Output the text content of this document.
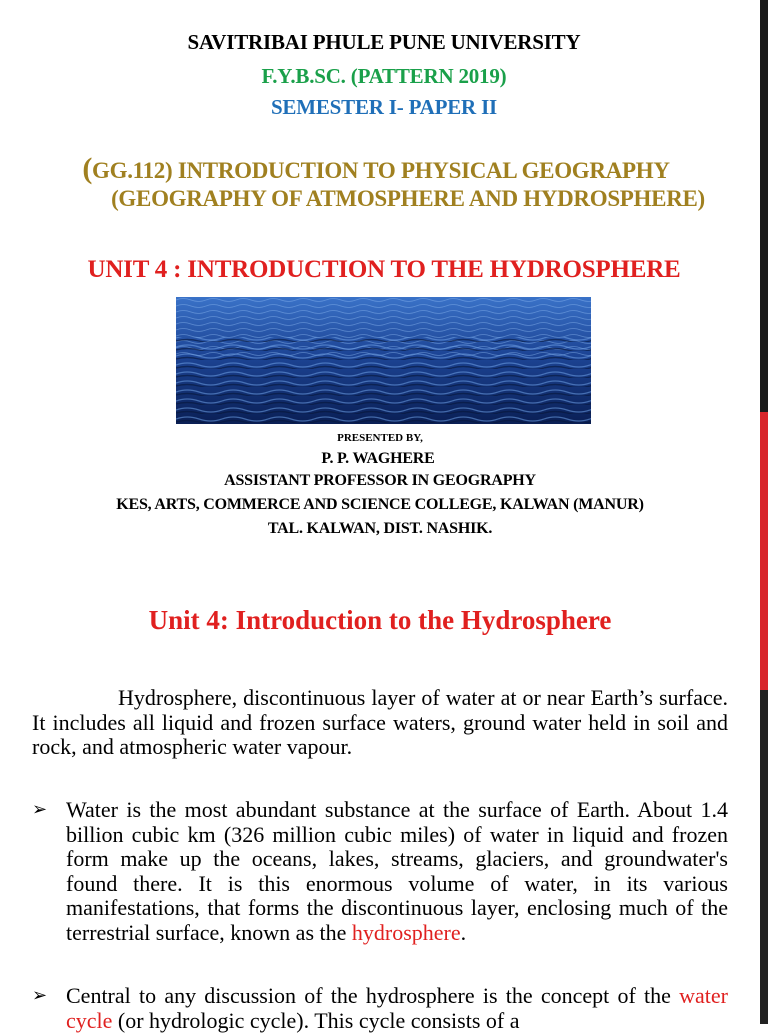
SAVITRIBAI PHULE PUNE UNIVERSITY
F.Y.B.SC. (PATTERN 2019)
SEMESTER I- PAPER II
(GG.112) INTRODUCTION TO PHYSICAL GEOGRAPHY
(GEOGRAPHY OF ATMOSPHERE AND HYDROSPHERE)
UNIT 4 : INTRODUCTION TO THE HYDROSPHERE
PRESENTED BY,
P. P. WAGHERE
ASSISTANT PROFESSOR IN GEOGRAPHY
KES, ARTS, COMMERCE AND SCIENCE COLLEGE, KALWAN (MANUR)
TAL. KALWAN, DIST. NASHIK.
Unit 4: Introduction to the Hydrosphere
Hydrosphere, discontinuous layer of water at or near Earth’s surface. It includes all liquid and frozen surface waters, ground water held in soil and rock, and atmospheric water vapour.
➢ Water is the most abundant substance at the surface of Earth. About 1.4 billion cubic km (326 million cubic miles) of water in liquid and frozen form make up the oceans, lakes, streams, glaciers, and groundwater's found there. It is this enormous volume of water, in its various manifestations, that forms the discontinuous layer, enclosing much of the terrestrial surface, known as the hydrosphere.
➢ Central to any discussion of the hydrosphere is the concept of the water cycle (or hydrologic cycle). This cycle consists of a
